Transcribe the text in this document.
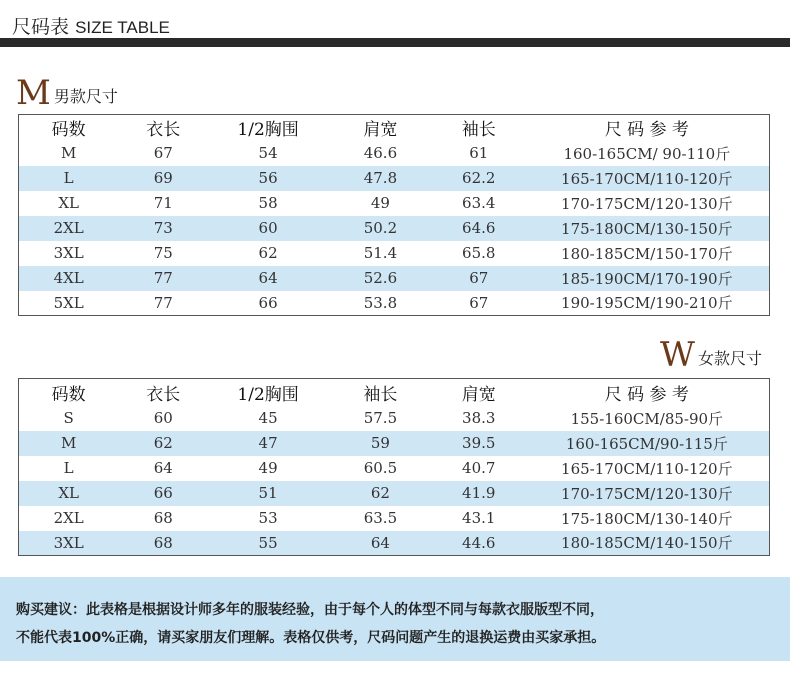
尺码表 SIZE TABLE
M 男款尺寸
码数	衣长	1/2胸围	肩宽	袖长	尺 码 参 考
M	67	54	46.6	61	160-165CM/ 90-110斤
L	69	56	47.8	62.2	165-170CM/110-120斤
XL	71	58	49	63.4	170-175CM/120-130斤
2XL	73	60	50.2	64.6	175-180CM/130-150斤
3XL	75	62	51.4	65.8	180-185CM/150-170斤
4XL	77	64	52.6	67	185-190CM/170-190斤
5XL	77	66	53.8	67	190-195CM/190-210斤
W 女款尺寸
码数	衣长	1/2胸围	袖长	肩宽	尺 码 参 考
S	60	45	57.5	38.3	155-160CM/85-90斤
M	62	47	59	39.5	160-165CM/90-115斤
L	64	49	60.5	40.7	165-170CM/110-120斤
XL	66	51	62	41.9	170-175CM/120-130斤
2XL	68	53	63.5	43.1	175-180CM/130-140斤
3XL	68	55	64	44.6	180-185CM/140-150斤

购买建议：此表格是根据设计师多年的服装经验，由于每个人的体型不同与每款衣服版型不同，

不能代表100%正确，请买家朋友们理解。表格仅供考，尺码问题产生的退换运费由买家承担。
